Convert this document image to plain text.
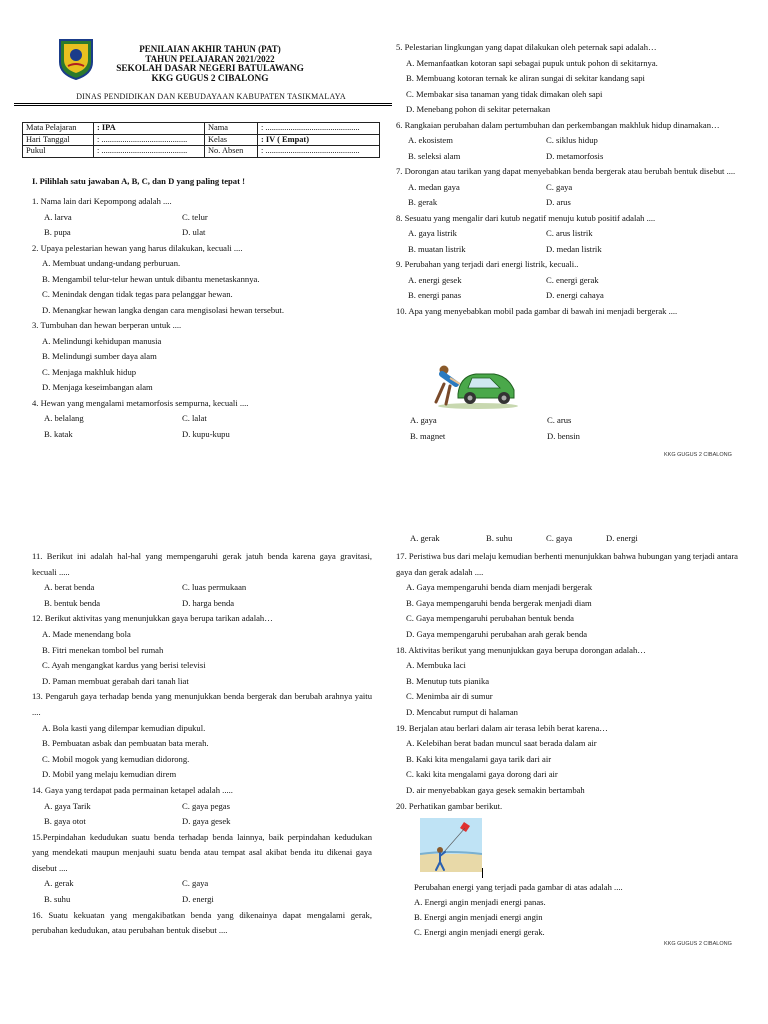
PENILAIAN AKHIR TAHUN (PAT)
TAHUN PELAJARAN 2021/2022
SEKOLAH DASAR NEGERI BATULAWANG
KKG GUGUS 2 CIBALONG
DINAS PENDIDIKAN DAN KEBUDAYAAN KABUPATEN TASIKMALAYA
Mata Pelajaran	: IPA	Nama	: .............................................
Hari Tanggal	: .........................................	Kelas	: IV ( Empat)
Pukul	: .........................................	No. Absen	: .............................................
I. Pilihlah satu jawaban A, B, C, dan D yang paling tepat !
1. Nama lain dari Kepompong adalah ....
A. larva	C. telur
B. pupa	D. ulat
2. Upaya pelestarian hewan yang harus dilakukan, kecuali ....
A. Membuat undang-undang perburuan.
B. Mengambil telur-telur hewan untuk dibantu menetaskannya.
C. Menindak dengan tidak tegas para pelanggar hewan.
D. Menangkar hewan langka dengan cara mengisolasi hewan tersebut.
3. Tumbuhan dan hewan berperan untuk ....
A. Melindungi kehidupan manusia
B. Melindungi sumber daya alam
C. Menjaga makhluk hidup
D. Menjaga keseimbangan alam
4. Hewan yang mengalami metamorfosis sempurna, kecuali ....
A. belalang	C. lalat
B. katak	D. kupu-kupu
5. Pelestarian lingkungan yang dapat dilakukan oleh peternak sapi adalah…
A. Memanfaatkan kotoran sapi sebagai pupuk untuk pohon di sekitarnya.
B. Membuang kotoran ternak ke aliran sungai di sekitar kandang sapi
C. Membakar sisa tanaman yang tidak dimakan oleh sapi
D. Menebang pohon di sekitar peternakan
6. Rangkaian perubahan dalam pertumbuhan dan perkembangan makhluk hidup dinamakan…
A. ekosistem	C. siklus hidup
B. seleksi alam	D. metamorfosis
7. Dorongan atau tarikan yang dapat menyebabkan benda bergerak atau berubah bentuk disebut ....
A. medan gaya	C. gaya
B. gerak	D. arus
8. Sesuatu yang mengalir dari kutub negatif menuju kutub positif adalah ....
A. gaya listrik	C. arus listrik
B. muatan listrik	D. medan listrik
9. Perubahan yang terjadi dari energi listrik, kecuali..
A. energi gesek	C. energi gerak
B. energi panas	D. energi cahaya
10. Apa yang menyebabkan mobil pada gambar di bawah ini menjadi bergerak ....
A. gaya	C. arus
B. magnet	D. bensin
KKG GUGUS 2 CIBALONG
A. gerak	B. suhu	C. gaya	D. energi
11. Berikut ini adalah hal-hal yang mempengaruhi gerak jatuh benda karena gaya gravitasi, kecuali .....
A. berat benda	C. luas permukaan
B. bentuk benda	D. harga benda
12. Berikut aktivitas yang menunjukkan gaya berupa tarikan adalah…
A. Made menendang bola
B. Fitri menekan tombol bel rumah
C. Ayah mengangkat kardus yang berisi televisi
D. Paman membuat gerabah dari tanah liat
13. Pengaruh gaya terhadap benda yang menunjukkan benda bergerak dan berubah arahnya yaitu ....
A. Bola kasti yang dilempar kemudian dipukul.
B. Pembuatan asbak dan pembuatan bata merah.
C. Mobil mogok yang kemudian didorong.
D. Mobil yang melaju kemudian direm
14. Gaya yang terdapat pada permainan ketapel adalah .....
A. gaya Tarik	C. gaya pegas
B. gaya otot	D. gaya gesek
15.Perpindahan kedudukan suatu benda terhadap benda lainnya, baik perpindahan kedudukan yang mendekati maupun menjauhi suatu benda atau tempat asal akibat benda itu dikenai gaya disebut ....
A. gerak	C. gaya
B. suhu	D. energi
16. Suatu kekuatan yang mengakibatkan benda yang dikenainya dapat mengalami gerak, perubahan kedudukan, atau perubahan bentuk disebut ....
17. Peristiwa bus dari melaju kemudian berhenti menunjukkan bahwa hubungan yang terjadi antara gaya dan gerak adalah ....
A. Gaya mempengaruhi benda diam menjadi bergerak
B. Gaya mempengaruhi benda bergerak menjadi diam
C. Gaya mempengaruhi perubahan bentuk benda
D. Gaya mempengaruhi perubahan arah gerak benda
18. Aktivitas berikut yang menunjukkan gaya berupa dorongan adalah…
A. Membuka laci
B. Menutup tuts pianika
C. Menimba air di sumur
D. Mencabut rumput di halaman
19. Berjalan atau berlari dalam air terasa lebih berat karena…
A. Kelebihan berat badan muncul saat berada dalam air
B. Kaki kita mengalami gaya tarik dari air
C. kaki kita mengalami gaya dorong dari air
D. air menyebabkan gaya gesek semakin bertambah
20. Perhatikan gambar berikut.
Perubahan energi yang terjadi pada gambar di atas adalah ....
A. Energi angin menjadi energi panas.
B. Energi angin menjadi energi angin
C. Energi angin menjadi energi gerak.
KKG GUGUS 2 CIBALONG
